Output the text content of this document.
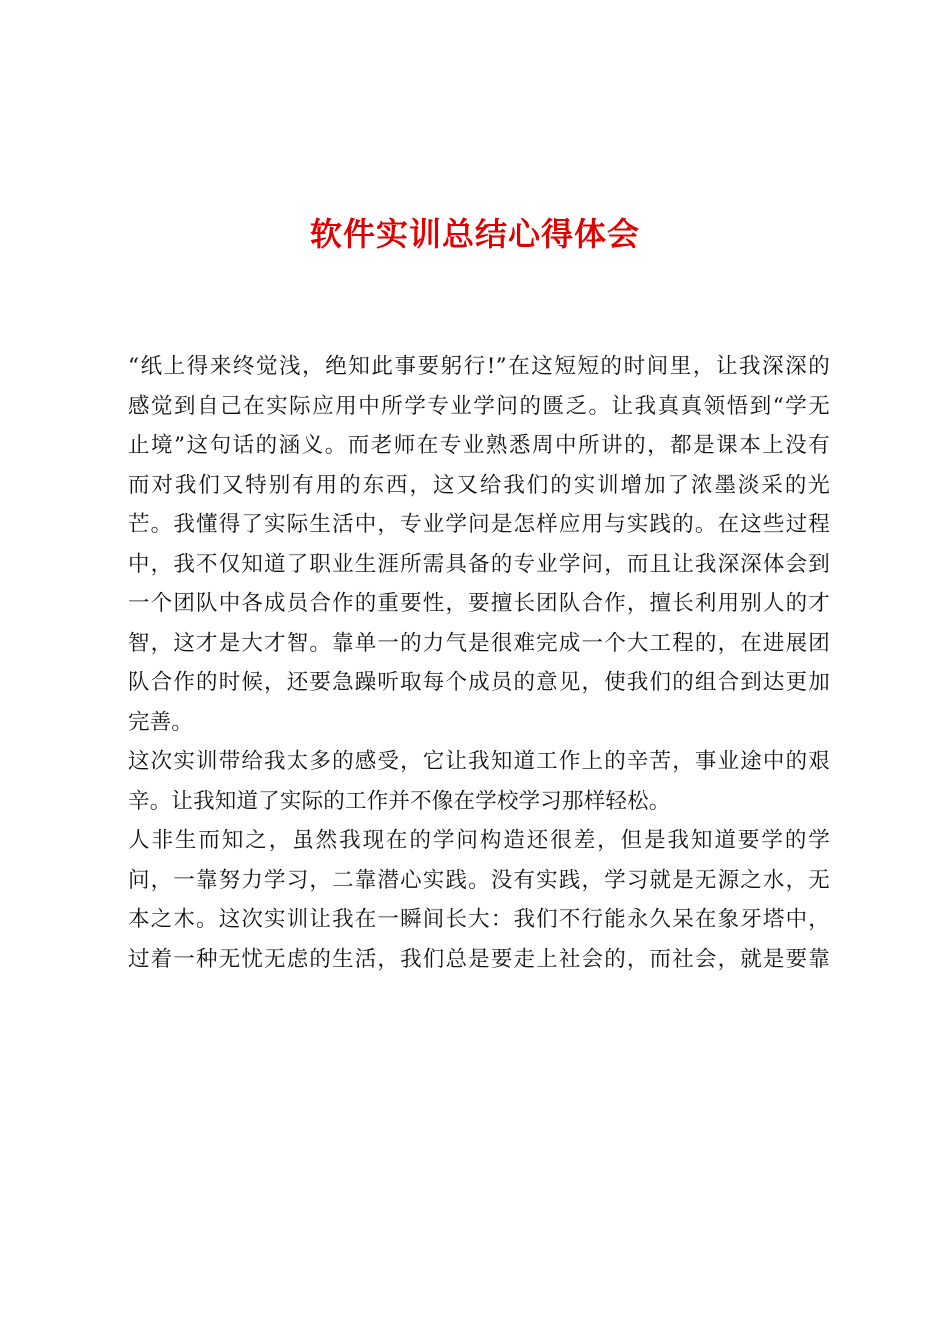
软件实训总结心得体会
“纸上得来终觉浅，绝知此事要躬行!”在这短短的时间里，让我深深的
感觉到自己在实际应用中所学专业学问的匮乏。让我真真领悟到“学无
止境”这句话的涵义。而老师在专业熟悉周中所讲的，都是课本上没有
而对我们又特别有用的东西，这又给我们的实训增加了浓墨淡采的光
芒。我懂得了实际生活中，专业学问是怎样应用与实践的。在这些过程
中，我不仅知道了职业生涯所需具备的专业学问，而且让我深深体会到
一个团队中各成员合作的重要性，要擅长团队合作，擅长利用别人的才
智，这才是大才智。靠单一的力气是很难完成一个大工程的，在进展团
队合作的时候，还要急躁听取每个成员的意见，使我们的组合到达更加
完善。
这次实训带给我太多的感受，它让我知道工作上的辛苦，事业途中的艰
辛。让我知道了实际的工作并不像在学校学习那样轻松。
人非生而知之，虽然我现在的学问构造还很差，但是我知道要学的学
问，一靠努力学习，二靠潜心实践。没有实践，学习就是无源之水，无
本之木。这次实训让我在一瞬间长大：我们不行能永久呆在象牙塔中，
过着一种无忧无虑的生活，我们总是要走上社会的，而社会，就是要靠
